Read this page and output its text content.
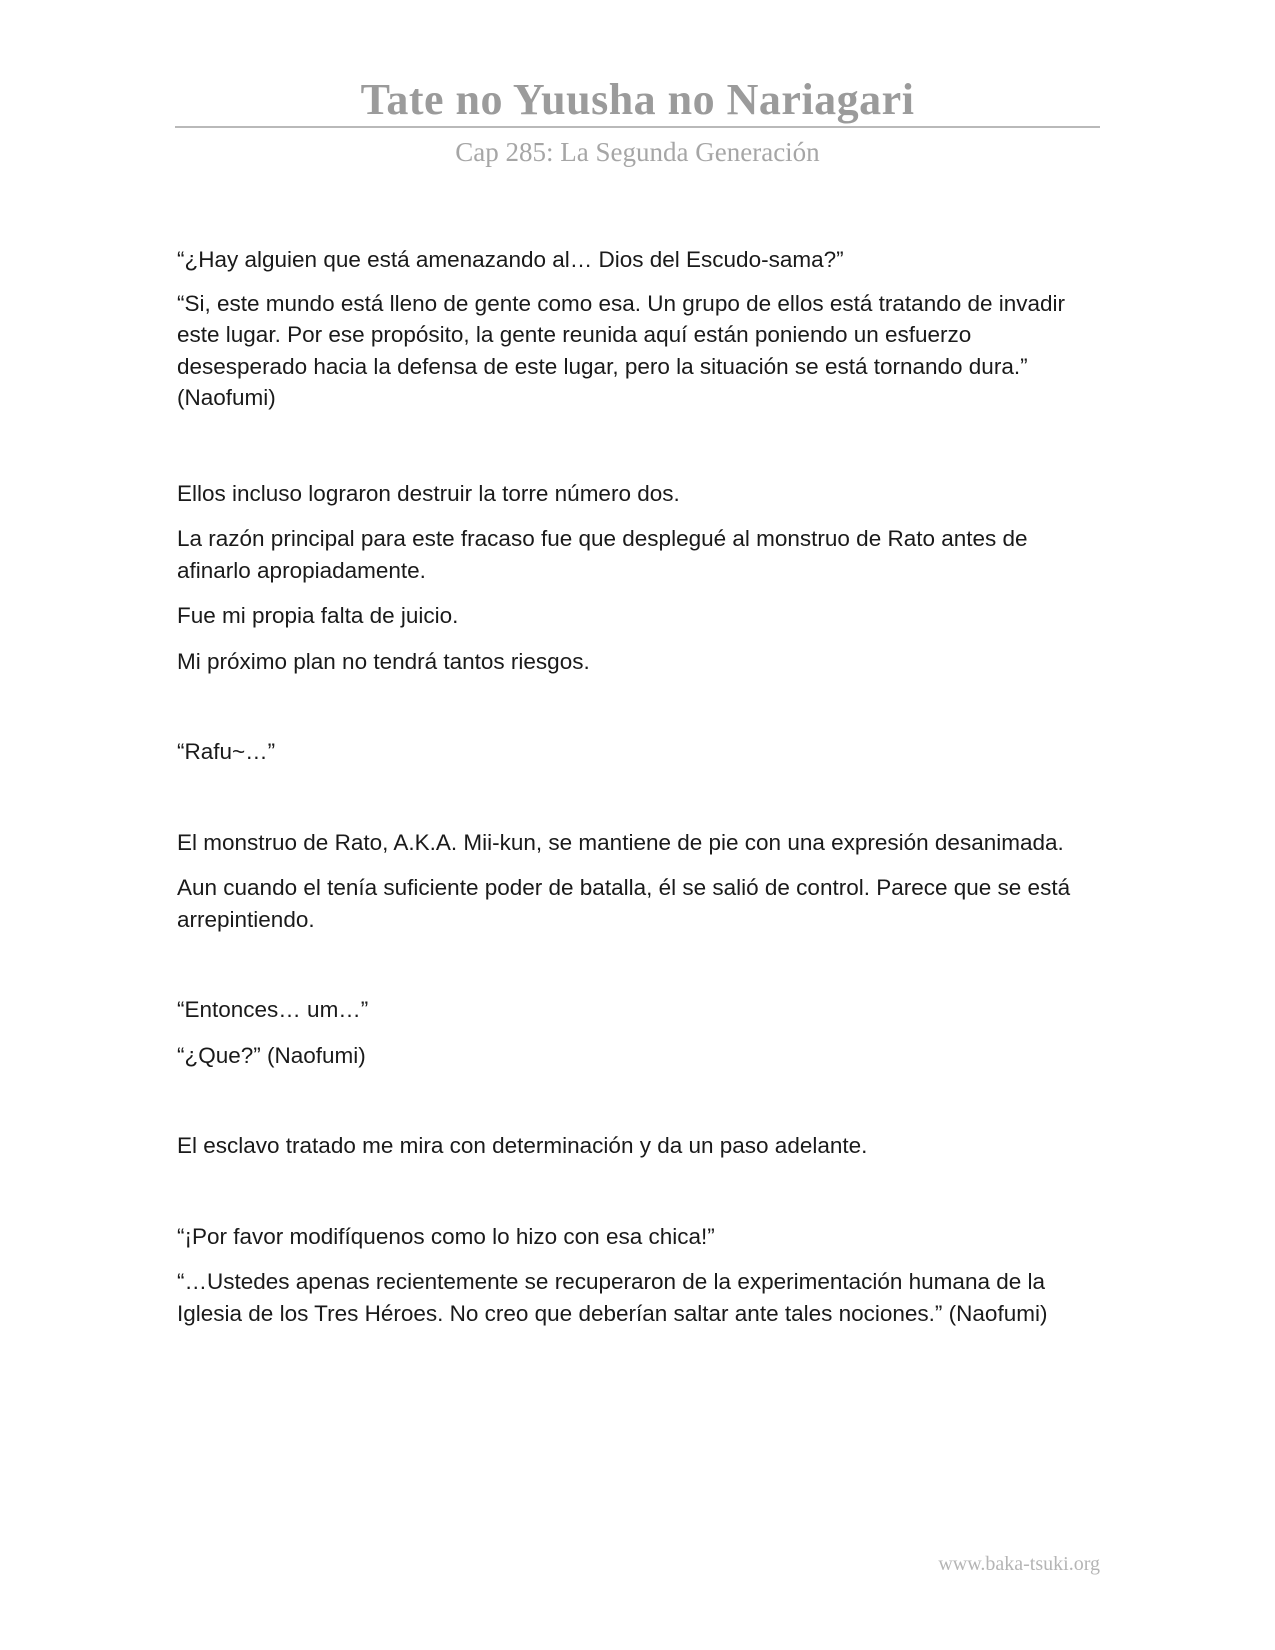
Tate no Yuusha no Nariagari
Cap 285: La Segunda Generación

“¿Hay alguien que está amenazando al… Dios del Escudo-sama?”

“Si, este mundo está lleno de gente como esa. Un grupo de ellos está tratando de invadir este lugar. Por ese propósito, la gente reunida aquí están poniendo un esfuerzo desesperado hacia la defensa de este lugar, pero la situación se está tornando dura.” (Naofumi)

Ellos incluso lograron destruir la torre número dos.

La razón principal para este fracaso fue que desplegué al monstruo de Rato antes de afinarlo apropiadamente.

Fue mi propia falta de juicio.

Mi próximo plan no tendrá tantos riesgos.

“Rafu~…”

El monstruo de Rato, A.K.A. Mii-kun, se mantiene de pie con una expresión desanimada.

Aun cuando el tenía suficiente poder de batalla, él se salió de control. Parece que se está arrepintiendo.

“Entonces… um…”

“¿Que?” (Naofumi)

El esclavo tratado me mira con determinación y da un paso adelante.

“¡Por favor modifíquenos como lo hizo con esa chica!”

“…Ustedes apenas recientemente se recuperaron de la experimentación humana de la Iglesia de los Tres Héroes. No creo que deberían saltar ante tales nociones.” (Naofumi)

www.baka-tsuki.org
